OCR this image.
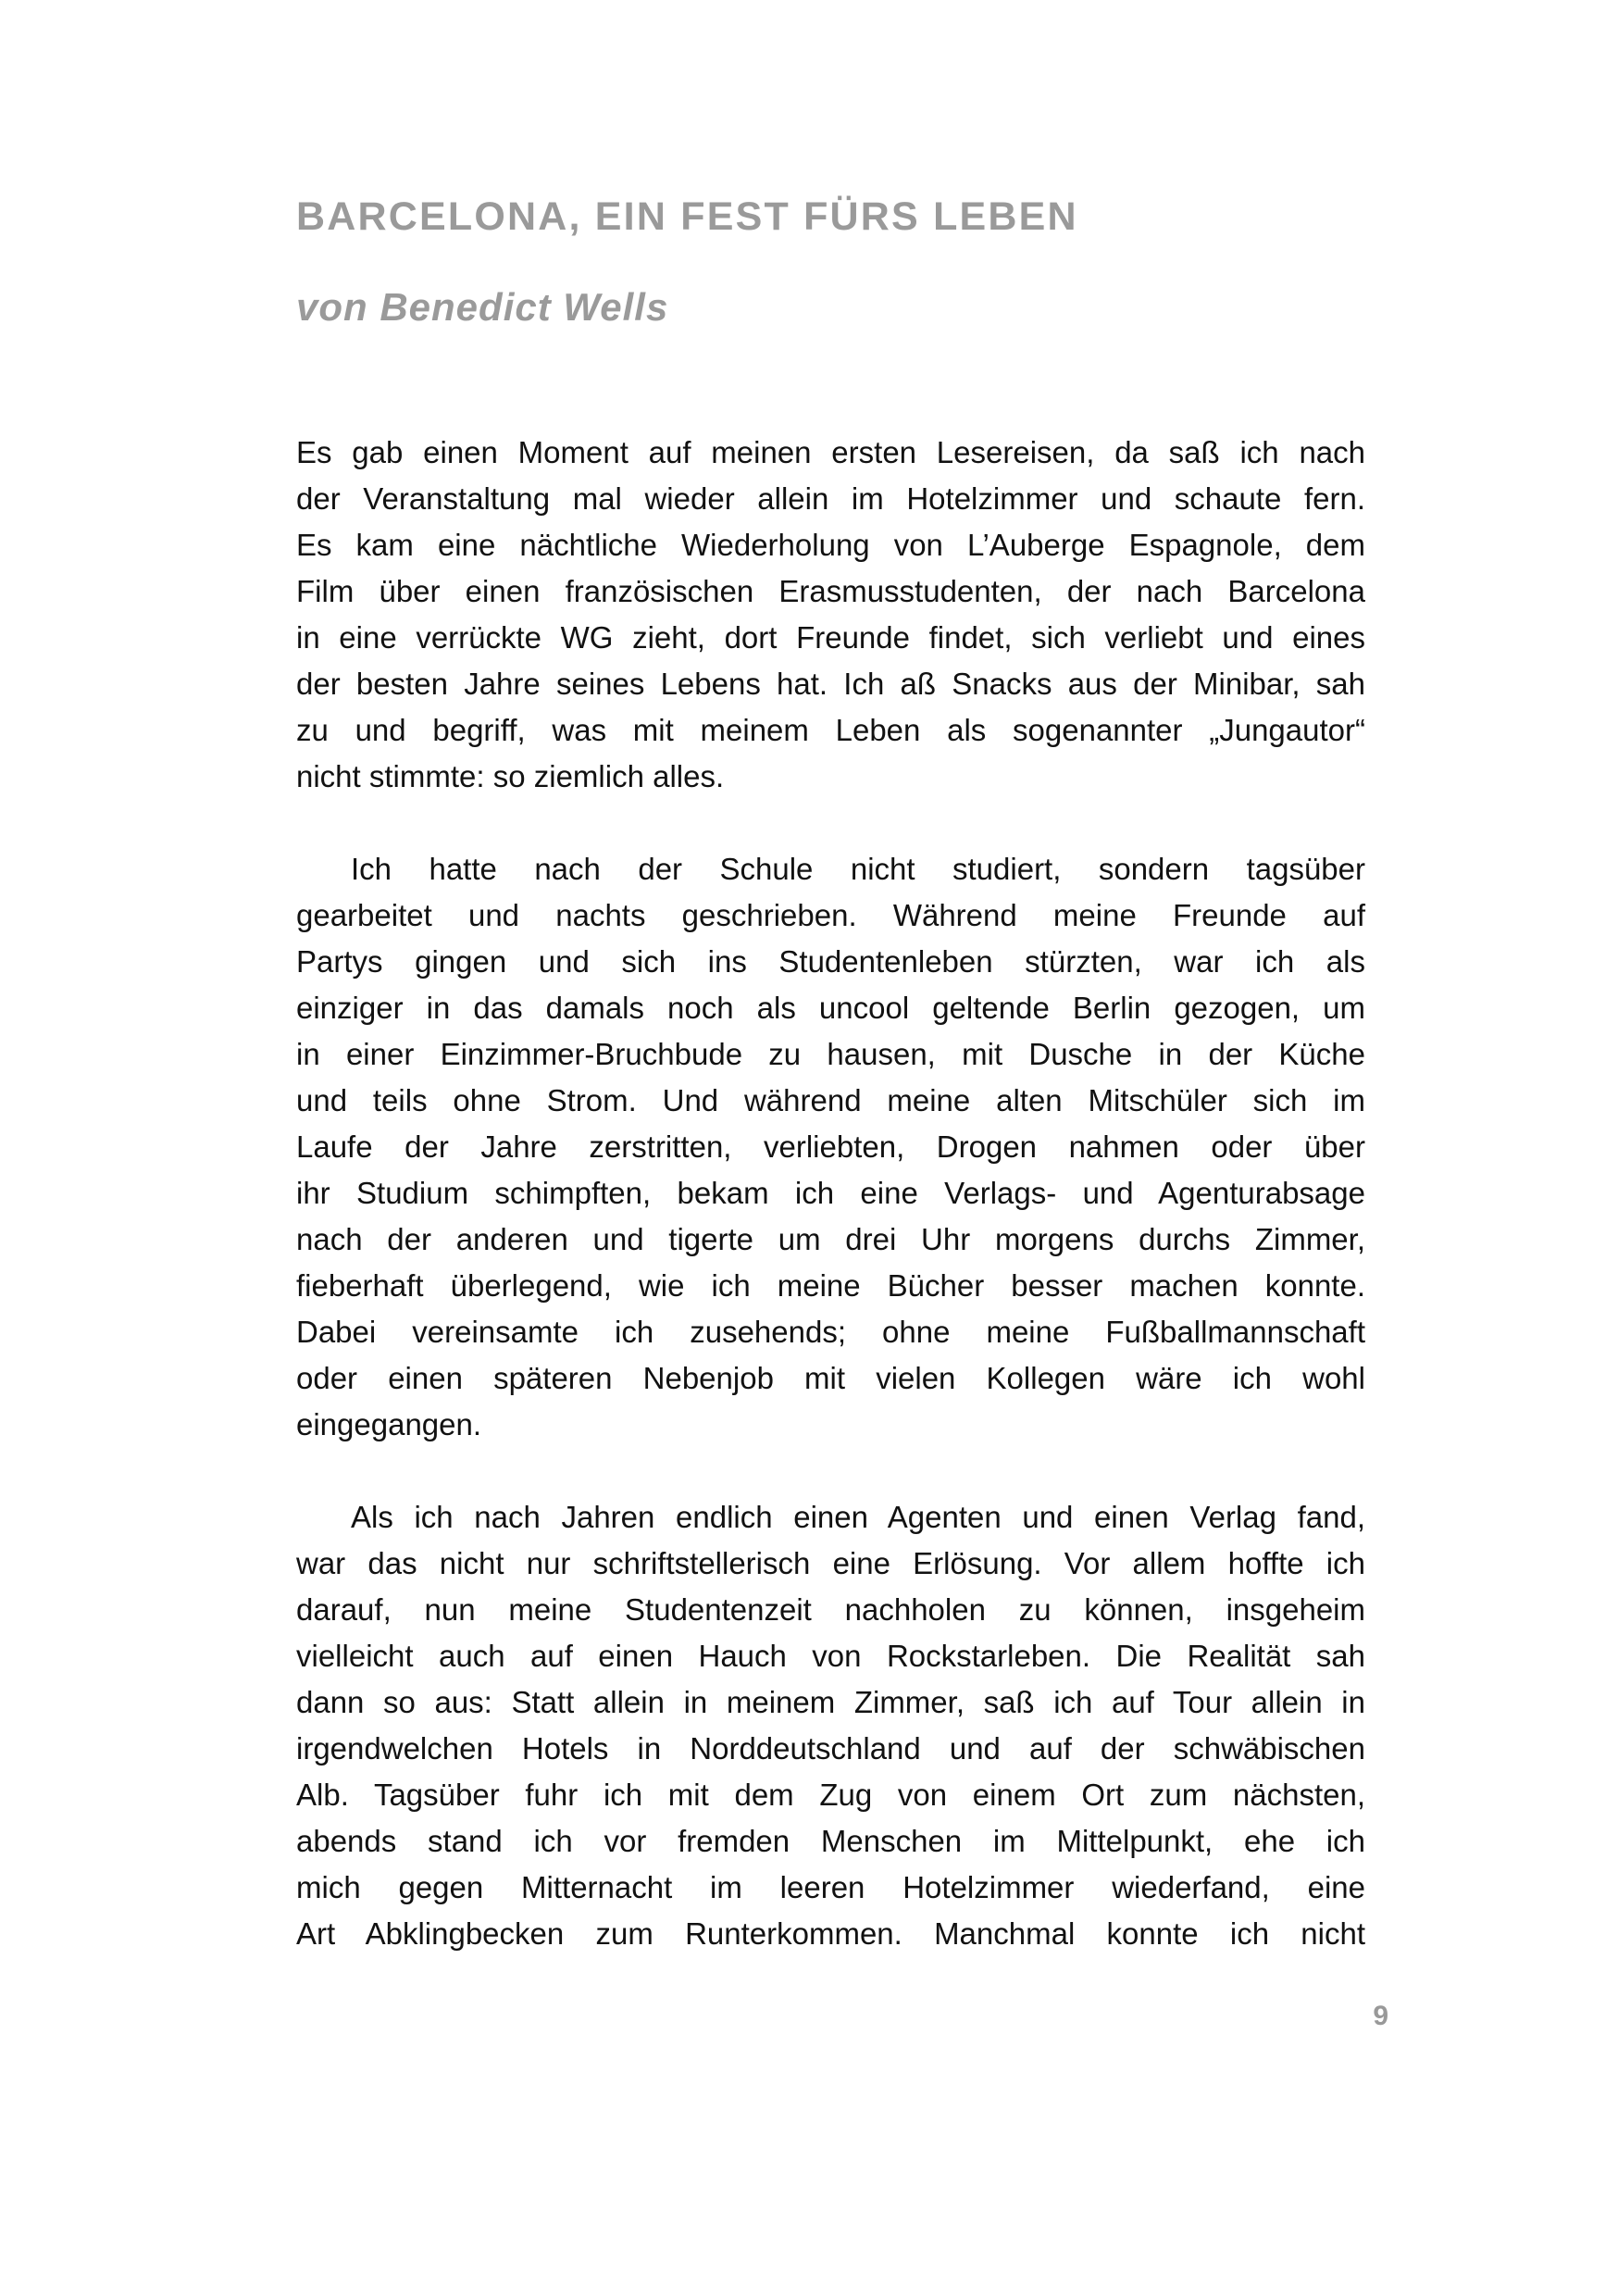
BARCELONA, EIN FEST FÜRS LEBEN
von Benedict Wells

Es gab einen Moment auf meinen ersten Lesereisen, da saß ich nach
der Veranstaltung mal wieder allein im Hotelzimmer und schaute fern.
Es kam eine nächtliche Wiederholung von L’Auberge Espagnole, dem
Film über einen französischen Erasmusstudenten, der nach Barcelona
in eine verrückte WG zieht, dort Freunde findet, sich verliebt und eines
der besten Jahre seines Lebens hat. Ich aß Snacks aus der Minibar, sah
zu und begriff, was mit meinem Leben als sogenannter „Jungautor“
nicht stimmte: so ziemlich alles.

Ich hatte nach der Schule nicht studiert, sondern tagsüber
gearbeitet und nachts geschrieben. Während meine Freunde auf
Partys gingen und sich ins Studentenleben stürzten, war ich als
einziger in das damals noch als uncool geltende Berlin gezogen, um
in einer Einzimmer-Bruchbude zu hausen, mit Dusche in der Küche
und teils ohne Strom. Und während meine alten Mitschüler sich im
Laufe der Jahre zerstritten, verliebten, Drogen nahmen oder über
ihr Studium schimpften, bekam ich eine Verlags- und Agenturabsage
nach der anderen und tigerte um drei Uhr morgens durchs Zimmer,
fieberhaft überlegend, wie ich meine Bücher besser machen konnte.
Dabei vereinsamte ich zusehends; ohne meine Fußballmannschaft
oder einen späteren Nebenjob mit vielen Kollegen wäre ich wohl
eingegangen.

Als ich nach Jahren endlich einen Agenten und einen Verlag fand,
war das nicht nur schriftstellerisch eine Erlösung. Vor allem hoffte ich
darauf, nun meine Studentenzeit nachholen zu können, insgeheim
vielleicht auch auf einen Hauch von Rockstarleben. Die Realität sah
dann so aus: Statt allein in meinem Zimmer, saß ich auf Tour allein in
irgendwelchen Hotels in Norddeutschland und auf der schwäbischen
Alb. Tagsüber fuhr ich mit dem Zug von einem Ort zum nächsten,
abends stand ich vor fremden Menschen im Mittelpunkt, ehe ich
mich gegen Mitternacht im leeren Hotelzimmer wiederfand, eine
Art Abklingbecken zum Runterkommen. Manchmal konnte ich nicht

9
